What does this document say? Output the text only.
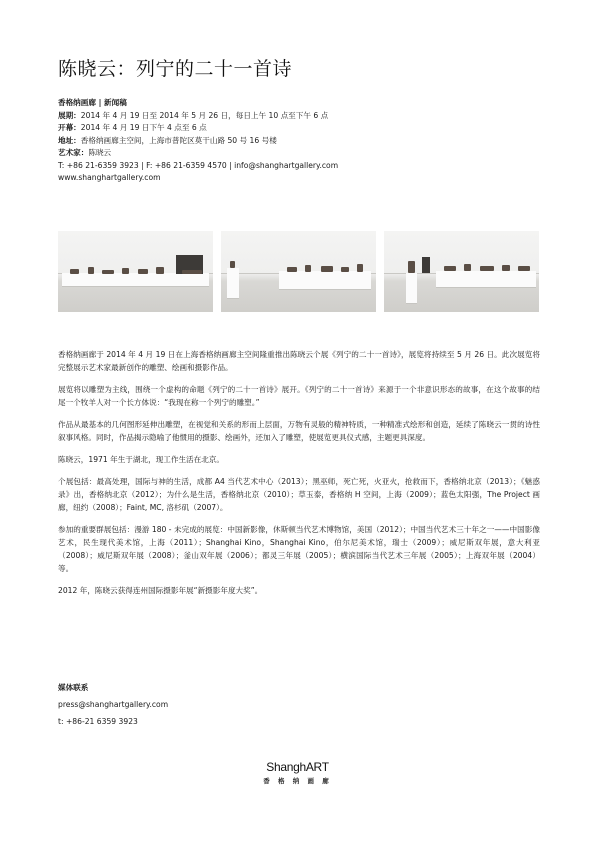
陈晓云：列宁的二十一首诗
香格纳画廊 | 新闻稿
展期：2014 年 4 月 19 日至 2014 年 5 月 26 日，每日上午 10 点至下午 6 点
开幕：2014 年 4 月 19 日下午 4 点至 6 点
地址：香格纳画廊主空间，上海市普陀区莫干山路 50 号 16 号楼
艺术家：陈晓云
T: +86 21-6359 3923 | F: +86 21-6359 4570 | info@shanghartgallery.com
www.shanghartgallery.com

香格纳画廊于 2014 年 4 月 19 日在上海香格纳画廊主空间隆重推出陈晓云个展《列宁的二十一首诗》，展览将持续至 5 月 26 日。此次展览将完整展示艺术家最新创作的雕塑、绘画和摄影作品。

展览将以雕塑为主线，围绕一个虚构的命题《列宁的二十一首诗》展开。《列宁的二十一首诗》来源于一个非意识形态的故事，在这个故事的结尾一个牧羊人对一个长方体说：“我现在称一个列宁的雕塑。”

作品从最基本的几何图形延伸出雕塑，在视觉和关系的形而上层面，万物有灵般的精神特质，一种精准式绘形和创造，延续了陈晓云一贯的诗性叙事风格。同时，作品揭示隐喻了他惯用的摄影、绘画外，还加入了雕塑，使展览更具仪式感，主题更具深度。

陈晓云，1971 年生于湖北，现工作生活在北京。

个展包括：最高处理，国际与神的生活，成都 A4 当代艺术中心（2013）；黑巫师，死亡死，火亚火，抢救而下，香格纳北京（2013）；《魅惑录》出，香格纳北京（2012）；为什么是生活，香格纳北京（2010）；草玉泰，香格纳 H 空间，上海（2009）；蓝色太阳强，The Project 画廊，纽约（2008）；Faint, MC, 洛杉矶（2007）。

参加的重要群展包括：漫游 180 - 未完成的展览：中国新影像，休斯顿当代艺术博物馆，美国（2012）；中国当代艺术三十年之一——中国影像艺术，民生现代美术馆，上海（2011）；Shanghai Kino，Shanghai Kino，伯尔尼美术馆，瑞士（2009）；威尼斯双年展，意大利亚（2008）；威尼斯双年展（2008）；釜山双年展（2006）；都灵三年展（2005）；横滨国际当代艺术三年展（2005）；上海双年展（2004）等。

2012 年，陈晓云获得连州国际摄影年展“新摄影年度大奖”。

媒体联系
press@shanghartgallery.com
t: +86-21 6359 3923
ShanghART
香 格 纳 画 廊
